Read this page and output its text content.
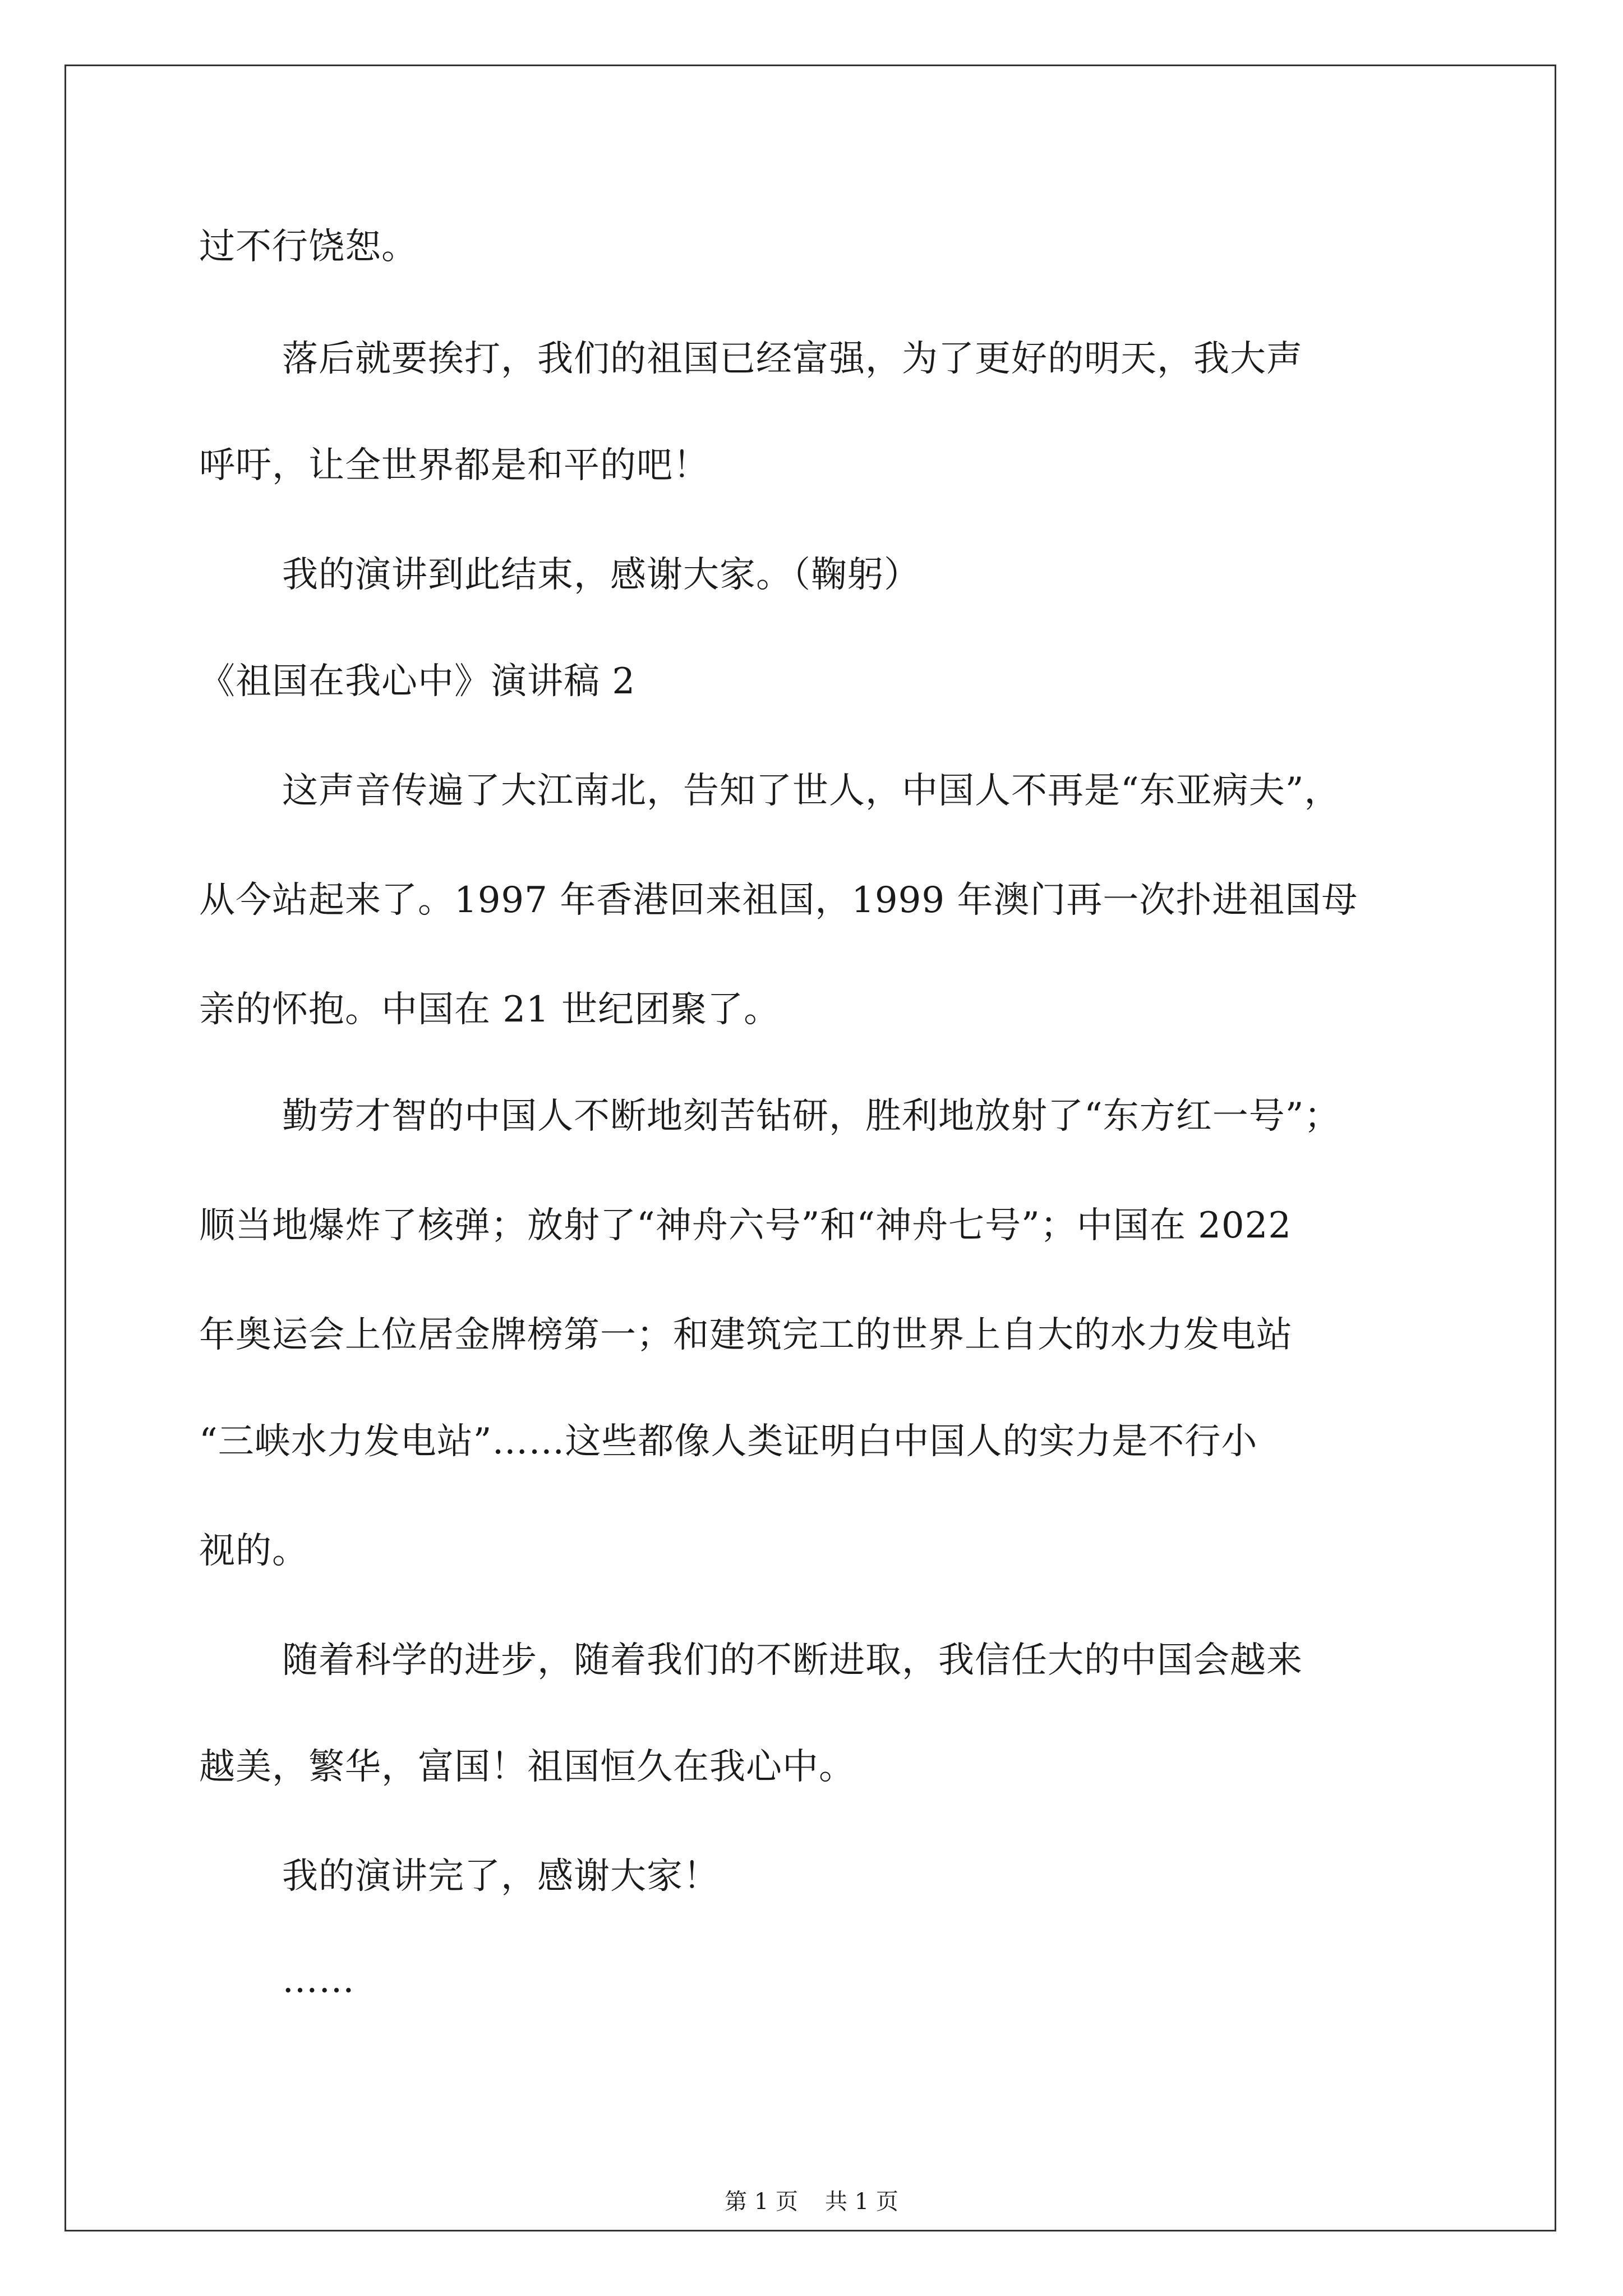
过不行饶恕。
落后就要挨打，我们的祖国已经富强，为了更好的明天，我大声
呼吁，让全世界都是和平的吧！
我的演讲到此结束，感谢大家。（鞠躬）
《祖国在我心中》演讲稿 2
这声音传遍了大江南北，告知了世人，中国人不再是“东亚病夫”，
从今站起来了。1997 年香港回来祖国，1999 年澳门再一次扑进祖国母
亲的怀抱。中国在 21 世纪团聚了。
勤劳才智的中国人不断地刻苦钻研，胜利地放射了“东方红一号”；
顺当地爆炸了核弹；放射了“神舟六号”和“神舟七号”；中国在 2022
年奥运会上位居金牌榜第一；和建筑完工的世界上自大的水力发电站
“三峡水力发电站”……这些都像人类证明白中国人的实力是不行小
视的。
随着科学的进步，随着我们的不断进取，我信任大的中国会越来
越美，繁华，富国！祖国恒久在我心中。
我的演讲完了，感谢大家！
……
第 1 页 共 1 页
